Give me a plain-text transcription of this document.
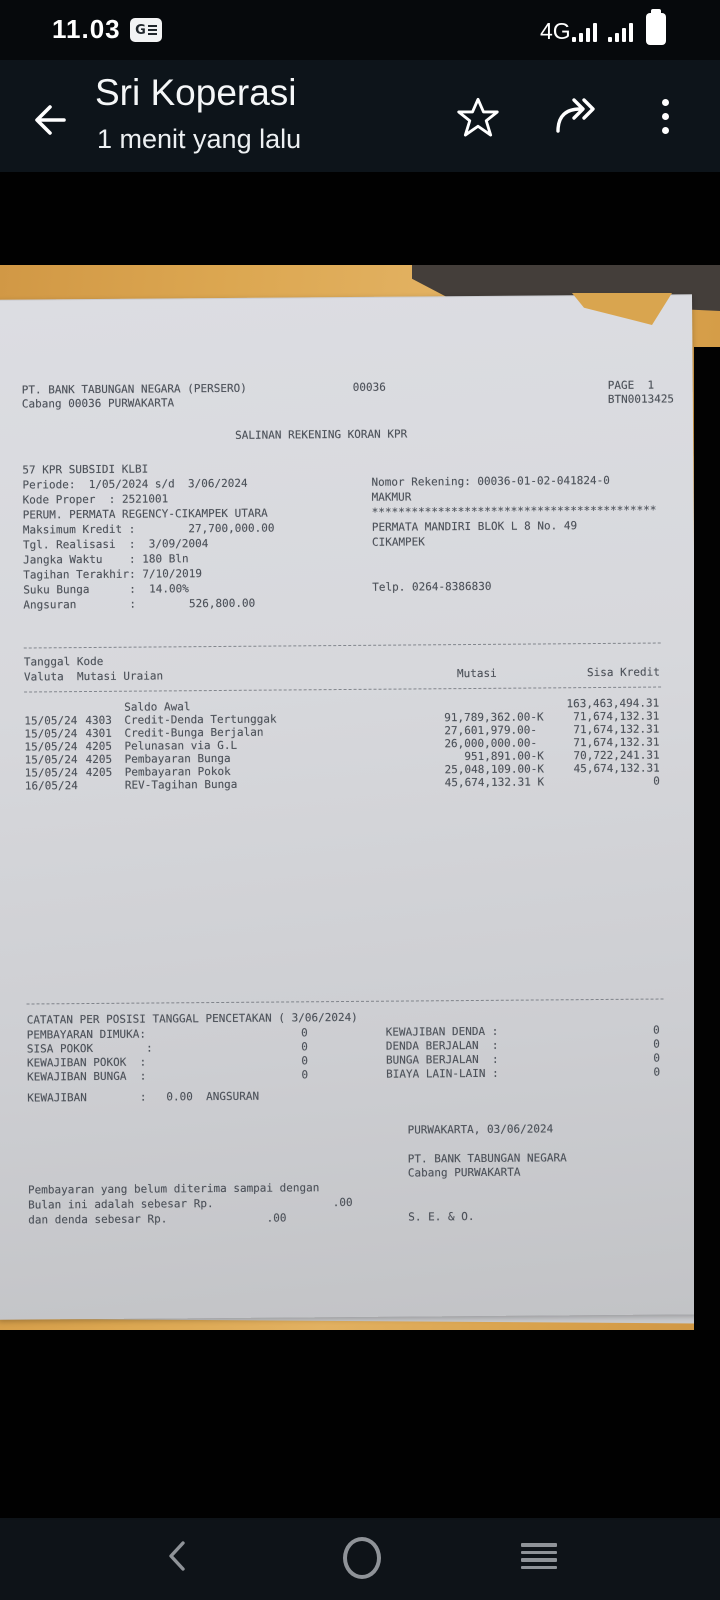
11.03 G	4G
Sri Koperasi
1 menit yang lalu
PT. BANK TABUNGAN NEGARA (PERSERO)	00036	PAGE  1
Cabang 00036 PURWAKARTA	BTN0013425
SALINAN REKENING KORAN KPR
57 KPR SUBSIDI KLBI
Periode:  1/05/2024 s/d  3/06/2024
Kode Proper  : 2521001
PERUM. PERMATA REGENCY-CIKAMPEK UTARA
Maksimum Kredit :        27,700,000.00
Tgl. Realisasi  :  3/09/2004
Jangka Waktu    : 180 Bln
Tagihan Terakhir: 7/10/2019
Suku Bunga      :  14.00%
Angsuran        :        526,800.00
Nomor Rekening: 00036-01-02-041824-0
MAKMUR
*******************************************
PERMATA MANDIRI BLOK L 8 No. 49
CIKAMPEK
Telp. 0264-8386830
Tanggal Kode
Valuta  Mutasi Uraian	Mutasi	Sisa Kredit
Saldo Awal	163,463,494.31
15/05/24 4303 Credit-Denda Tertunggak	91,789,362.00 -K	71,674,132.31
15/05/24 4301 Credit-Bunga Berjalan	27,601,979.00 -	71,674,132.31
15/05/24 4205 Pelunasan via G.L	26,000,000.00 -	71,674,132.31
15/05/24 4205 Pembayaran Bunga	951,891.00 -K	70,722,241.31
15/05/24 4205 Pembayaran Pokok	25,048,109.00 -K	45,674,132.31
16/05/24	REV-Tagihan Bunga	45,674,132.31 K	0
CATATAN PER POSISI TANGGAL PENCETAKAN ( 3/06/2024)
PEMBAYARAN DIMUKA:	0	KEWAJIBAN DENDA :	0
SISA POKOK        :	0	DENDA BERJALAN  :	0
KEWAJIBAN POKOK  :	0	BUNGA BERJALAN  :	0
KEWAJIBAN BUNGA  :	0	BIAYA LAIN-LAIN :	0
KEWAJIBAN        :   0.00  ANGSURAN
PURWAKARTA, 03/06/2024
PT. BANK TABUNGAN NEGARA
Cabang PURWAKARTA
Pembayaran yang belum diterima sampai dengan
Bulan ini adalah sebesar Rp.                  .00
dan denda sebesar Rp.               .00	S. E. & O.
